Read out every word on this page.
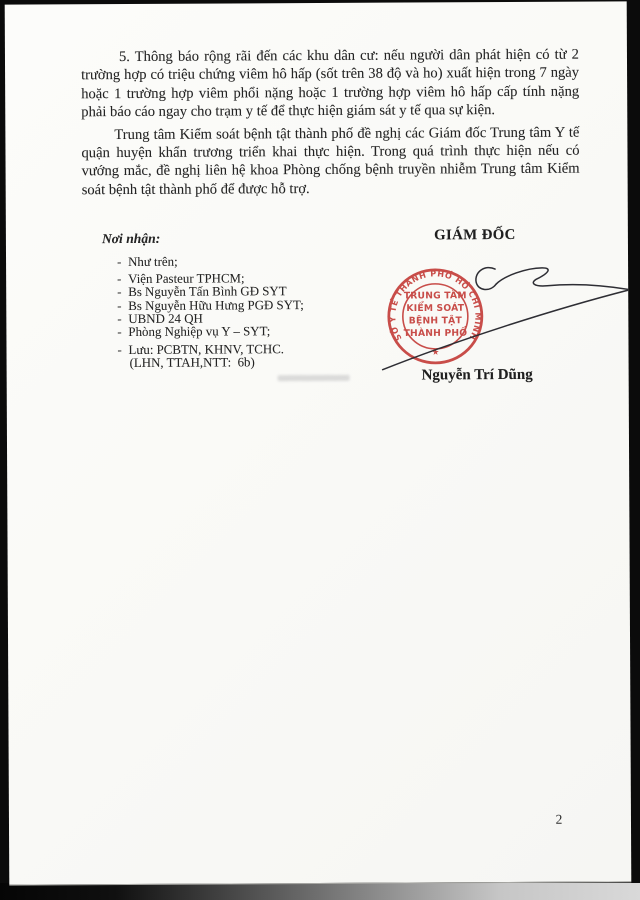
5. Thông báo rộng rãi đến các khu dân cư: nếu người dân phát hiện có từ 2 trường hợp có triệu chứng viêm hô hấp (sốt trên 38 độ và ho) xuất hiện trong 7 ngày hoặc 1 trường hợp viêm phổi nặng hoặc 1 trường hợp viêm hô hấp cấp tính nặng phải báo cáo ngay cho trạm y tế để thực hiện giám sát y tế qua sự kiện.

Trung tâm Kiểm soát bệnh tật thành phố đề nghị các Giám đốc Trung tâm Y tế quận huyện khẩn trương triển khai thực hiện. Trong quá trình thực hiện nếu có vướng mắc, đề nghị liên hệ khoa Phòng chống bệnh truyền nhiễm Trung tâm Kiểm soát bệnh tật thành phố để được hỗ trợ.

Nơi nhận:
- Như trên;
- Viện Pasteur TPHCM;
- Bs Nguyễn Tấn Bình GĐ SYT
- Bs Nguyễn Hữu Hưng PGĐ SYT;
- UBND 24 QH
- Phòng Nghiệp vụ Y – SYT;
- Lưu: PCBTN, KHNV, TCHC.
(LHN, TTAH,NTT:  6b)
GIÁM ĐỐC
SỞ Y TẾ THÀNH PHỐ HỒ CHÍ MINH
★
TRUNG TÂM
KIỂM SOÁT
BỆNH TẬT
THÀNH PHỐ
Nguyễn Trí Dũng
2
